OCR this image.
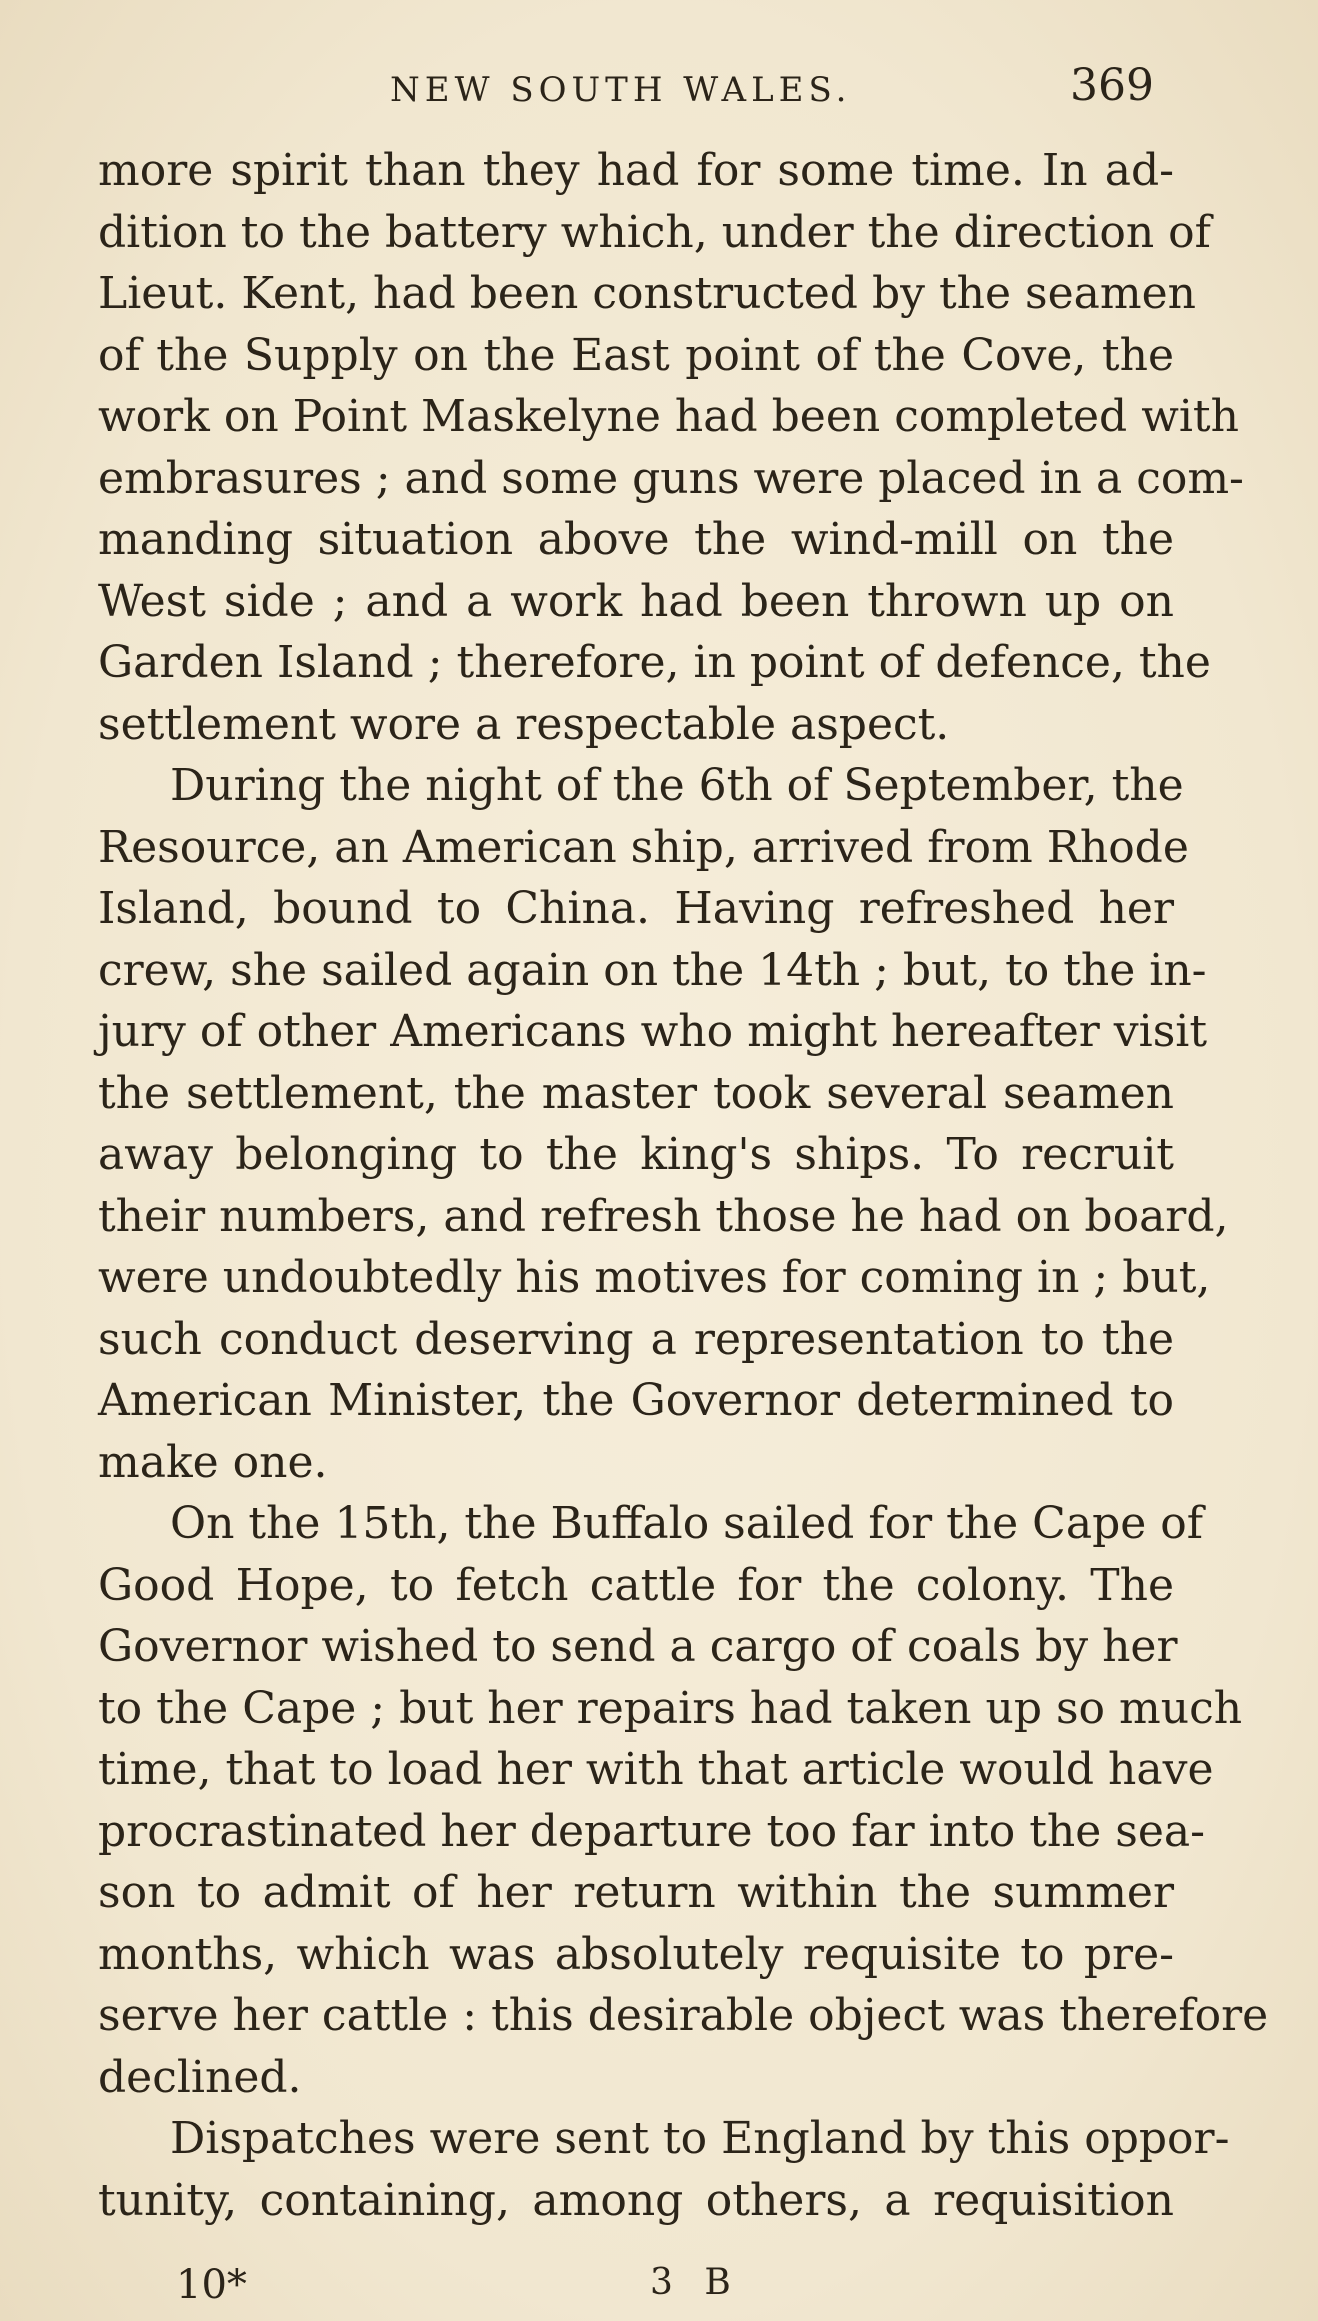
NEW SOUTH WALES.	369
more spirit than they had for some time. In ad-
dition to the battery which, under the direction of
Lieut. Kent, had been constructed by the seamen
of the Supply on the East point of the Cove, the
work on Point Maskelyne had been completed with
embrasures ; and some guns were placed in a com-
manding situation above the wind-mill on the
West side ; and a work had been thrown up on
Garden Island ; therefore, in point of defence, the
settlement wore a respectable aspect.
During the night of the 6th of September, the
Resource, an American ship, arrived from Rhode
Island, bound to China. Having refreshed her
crew, she sailed again on the 14th ; but, to the in-
jury of other Americans who might hereafter visit
the settlement, the master took several seamen
away belonging to the king's ships. To recruit
their numbers, and refresh those he had on board,
were undoubtedly his motives for coming in ; but,
such conduct deserving a representation to the
American Minister, the Governor determined to
make one.
On the 15th, the Buffalo sailed for the Cape of
Good Hope, to fetch cattle for the colony. The
Governor wished to send a cargo of coals by her
to the Cape ; but her repairs had taken up so much
time, that to load her with that article would have
procrastinated her departure too far into the sea-
son to admit of her return within the summer
months, which was absolutely requisite to pre-
serve her cattle : this desirable object was therefore
declined.
Dispatches were sent to England by this oppor-
tunity, containing, among others, a requisition
10*	3 B
